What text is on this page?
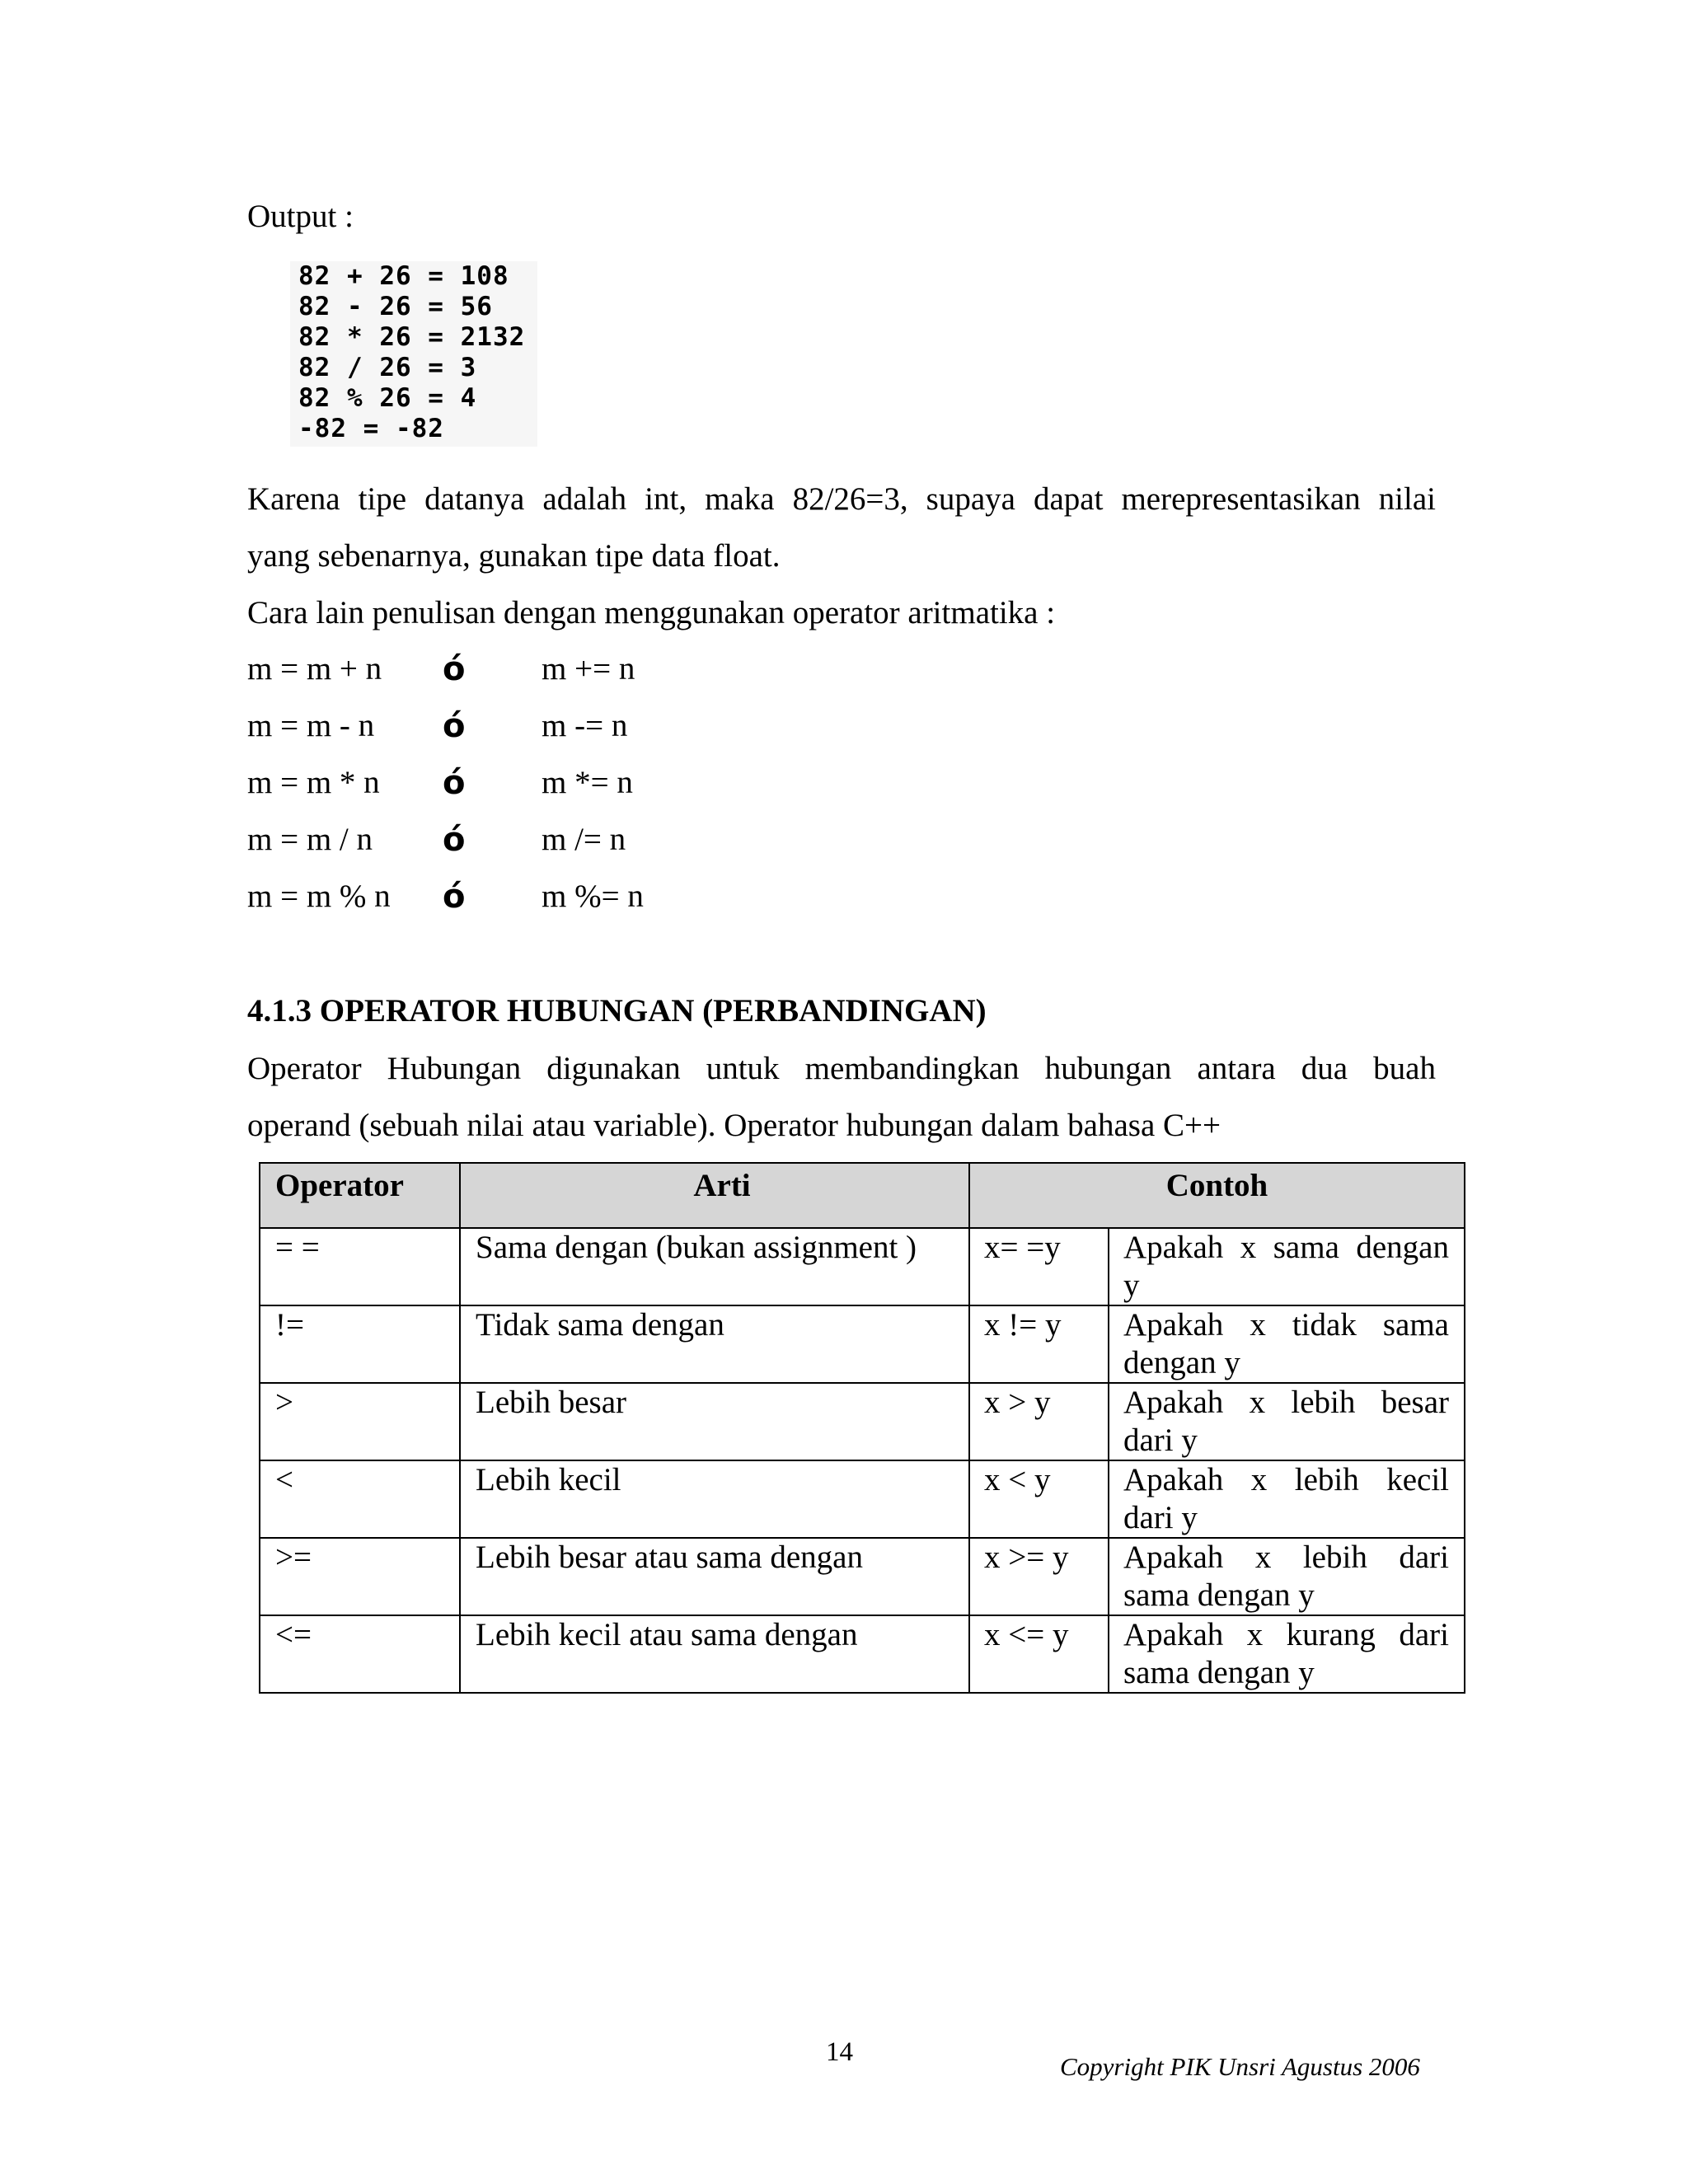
Output :
82 + 26 = 108
82 - 26 = 56
82 * 26 = 2132
82 / 26 = 3
82 % 26 = 4
-82 = -82
Karena tipe datanya adalah int, maka 82/26=3, supaya dapat merepresentasikan nilai
yang sebenarnya, gunakan tipe data float.
Cara lain penulisan dengan menggunakan operator aritmatika :
m = m + n ó m += n
m = m - n ó m -= n
m = m * n ó m *= n
m = m / n ó m /= n
m = m % n ó m %= n
4.1.3 OPERATOR HUBUNGAN (PERBANDINGAN)
Operator Hubungan digunakan untuk membandingkan hubungan antara dua buah
operand (sebuah nilai atau variable). Operator hubungan dalam bahasa C++
Operator	Arti	Contoh	
= =	Sama dengan (bukan assignment )	x= =y	Apakah x sama dengan
y

!=	Tidak sama dengan	x != y	Apakah x tidak sama
dengan y

>	Lebih besar	x > y	Apakah x lebih besar
dari y

<	Lebih kecil	x < y	Apakah x lebih kecil
dari y

>=	Lebih besar atau sama dengan	x >= y	Apakah x lebih dari
sama dengan y

<=	Lebih kecil atau sama dengan	x <= y	Apakah x kurang dari
sama dengan y
14	Copyright PIK Unsri Agustus 2006
